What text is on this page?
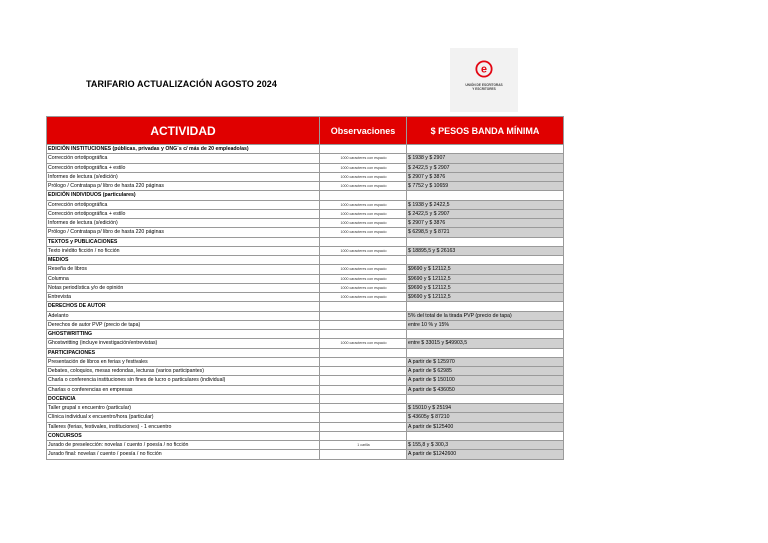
TARIFARIO ACTUALIZACIÓN AGOSTO 2024
e
UNIÓN DE ESCRITORAS
Y ESCRITORES
ACTIVIDAD	Observaciones	$ PESOS BANDA MÍNIMA
EDICIÓN INSTITUCIONES (públicas, privadas y ONG´s c/ más de 20 empleado/as)		
Corrección ortotipográfica	1000 caracteres con espacio	$ 1938 y $ 2907
Corrección ortotipográfica + estilo	1000 caracteres con espacio	$ 2422,5 y $ 2907
Informes de lectura (s/edición)	1000 caracteres con espacio	$ 2907 y $ 3876
Prólogo / Contratapa p/ libro de hasta 220 páginas	1000 caracteres con espacio	$ 7752 y $ 10659
EDICIÓN INDIVIDUOS (particulares)		
Corrección ortotipográfica	1000 caracteres con espacio	$ 1938 y $ 2422,5
Corrección ortotipográfica + estilo	1000 caracteres con espacio	$ 2422,5 y $ 2907
Informes de lectura (s/edición)	1000 caracteres con espacio	$ 2907 y $ 3876
Prólogo / Contratapa p/ libro de hasta 220 páginas	1000 caracteres con espacio	$ 6298,5 y $ 8721
TEXTOS y PUBLICACIONES		
Texto inédito ficción / no ficción	1000 caracteres con espacio	$ 18895,5 y $ 26163
MEDIOS		
Reseña de libros	1000 caracteres con espacio	$9690 y $ 12112,5
Columna	1000 caracteres con espacio	$9690 y $ 12112,5
Notas periodística y/o de opinión	1000 caracteres con espacio	$9690 y $ 12112,5
Entrevista	1000 caracteres con espacio	$9690 y $ 12112,5
DERECHOS DE AUTOR		
Adelanto		5% del total de la tirada PVP (precio de tapa)
Derechos de autor PVP (precio de tapa)		entre 10 % y 15%
GHOSTWRITTING		
Ghostwritting (incluye investigación/entrevistas)	1000 caracteres con espacio	entre $ 33015 y $49903,5
PARTICIPACIONES		
Presentación de libros en ferias y festivales		A partir de $ 125970
Debates, coloquios, mesas redondas, lecturas (varios participantes)		A partir de $ 62985
Charla o conferencia instituciones sin fines de lucro o particulares (individual)		A partir de $ 150100
Charlas o conferencias en empresas		A partir de $ 436050
DOCENCIA		
Taller grupal x encuentro (particular)		$ 15010 y $ 25194
Clínica individual x encuentro/hora (particular)		$ 43605y $ 87210
Talleres (ferias, festivales, instituciones) - 1 encuentro		A partir de $125400
CONCURSOS		
Jurado de preselección: novelas / cuento / poesía / no ficción	1 carilla	$ 155,8 y $ 300,3
Jurado final: novelas / cuento / poesía / no ficción		A partir de $1242600
